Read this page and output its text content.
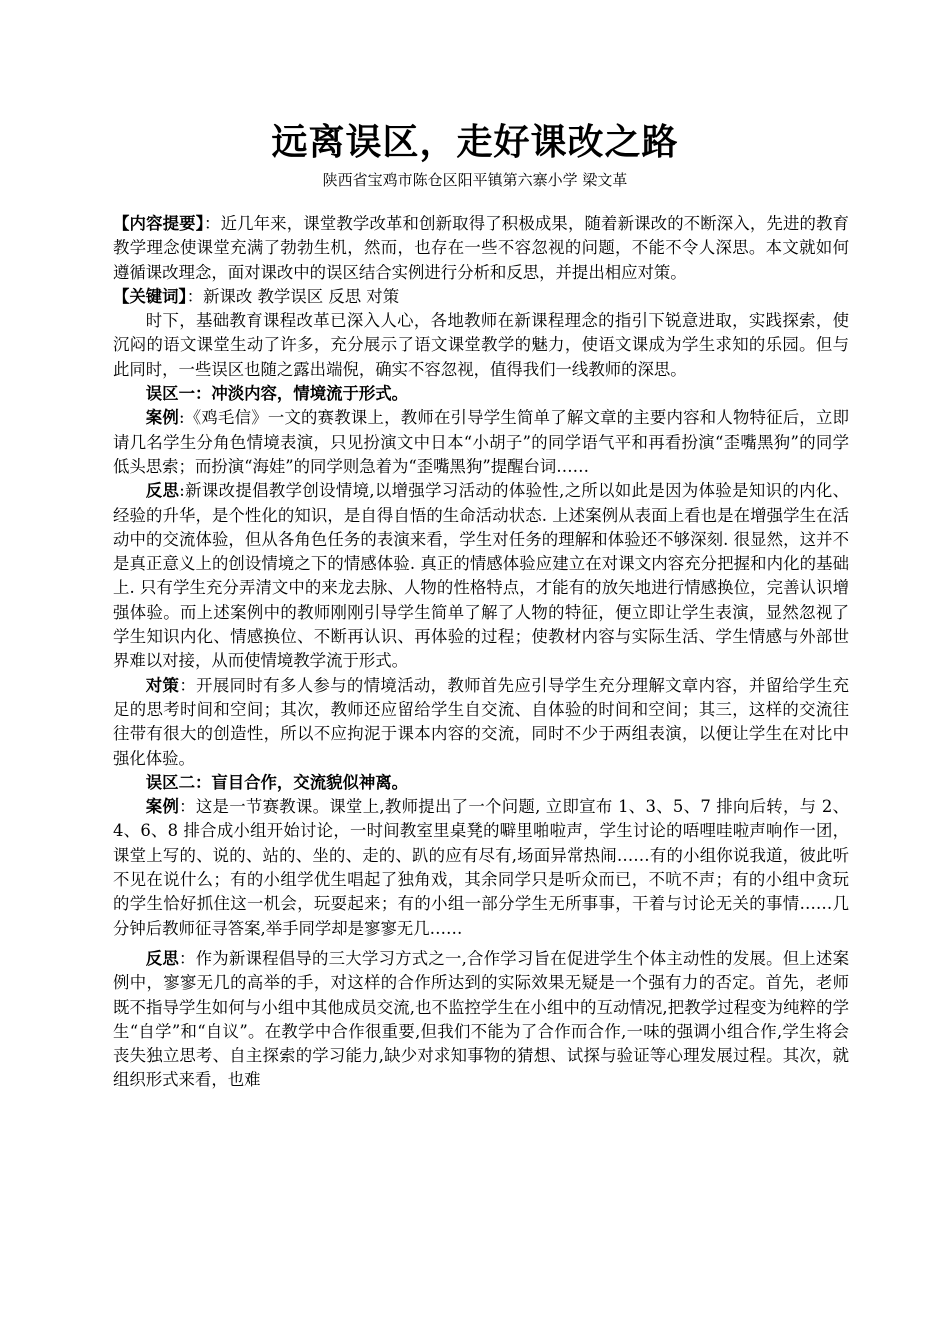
远离误区，走好课改之路
陕西省宝鸡市陈仓区阳平镇第六寨小学 梁文革

【内容提要】：近几年来，课堂教学改革和创新取得了积极成果，随着新课改的不断深入，先进的教育教学理念使课堂充满了勃勃生机，然而，也存在一些不容忽视的问题，不能不令人深思。本文就如何遵循课改理念，面对课改中的误区结合实例进行分析和反思，并提出相应对策。

【关键词】：新课改 教学误区 反思 对策

时下，基础教育课程改革已深入人心，各地教师在新课程理念的指引下锐意进取，实践探索，使沉闷的语文课堂生动了许多，充分展示了语文课堂教学的魅力，使语文课成为学生求知的乐园。但与此同时，一些误区也随之露出端倪，确实不容忽视，值得我们一线教师的深思。

误区一：冲淡内容，情境流于形式。

案例:《鸡毛信》一文的赛教课上，教师在引导学生简单了解文章的主要内容和人物特征后，立即请几名学生分角色情境表演，只见扮演文中日本“小胡子”的同学语气平和再看扮演“歪嘴黑狗”的同学低头思索；而扮演“海娃”的同学则急着为“歪嘴黑狗”提醒台词……

反思:新课改提倡教学创设情境,以增强学习活动的体验性,之所以如此是因为体验是知识的内化、经验的升华，是个性化的知识，是自得自悟的生命活动状态. 上述案例从表面上看也是在增强学生在活动中的交流体验，但从各角色任务的表演来看，学生对任务的理解和体验还不够深刻. 很显然，这并不是真正意义上的创设情境之下的情感体验. 真正的情感体验应建立在对课文内容充分把握和内化的基础上. 只有学生充分弄清文中的来龙去脉、人物的性格特点，才能有的放矢地进行情感换位，完善认识增强体验。而上述案例中的教师刚刚引导学生简单了解了人物的特征，便立即让学生表演，显然忽视了学生知识内化、情感换位、不断再认识、再体验的过程；使教材内容与实际生活、学生情感与外部世界难以对接，从而使情境教学流于形式。

对策：开展同时有多人参与的情境活动，教师首先应引导学生充分理解文章内容，并留给学生充足的思考时间和空间；其次，教师还应留给学生自交流、自体验的时间和空间；其三，这样的交流往往带有很大的创造性，所以不应拘泥于课本内容的交流，同时不少于两组表演，以便让学生在对比中强化体验。

误区二：盲目合作，交流貌似神离。

案例：这是一节赛教课。课堂上,教师提出了一个问题, 立即宣布 1、3、5、7 排向后转，与 2、4、6、8 排合成小组开始讨论，一时间教室里桌凳的噼里啪啦声，学生讨论的唔哩哇啦声响作一团，课堂上写的、说的、站的、坐的、走的、趴的应有尽有,场面异常热闹……有的小组你说我道，彼此听不见在说什么；有的小组学优生唱起了独角戏，其余同学只是听众而已，不吭不声；有的小组中贪玩的学生恰好抓住这一机会，玩耍起来；有的小组一部分学生无所事事，干着与讨论无关的事情……几分钟后教师征寻答案,举手同学却是寥寥无几……

反思：作为新课程倡导的三大学习方式之一,合作学习旨在促进学生个体主动性的发展。但上述案例中，寥寥无几的高举的手，对这样的合作所达到的实际效果无疑是一个强有力的否定。首先，老师既不指导学生如何与小组中其他成员交流,也不监控学生在小组中的互动情况,把教学过程变为纯粹的学生“自学”和“自议”。在教学中合作很重要,但我们不能为了合作而合作,一味的强调小组合作,学生将会丧失独立思考、自主探索的学习能力,缺少对求知事物的猜想、试探与验证等心理发展过程。其次，就组织形式来看，也难
